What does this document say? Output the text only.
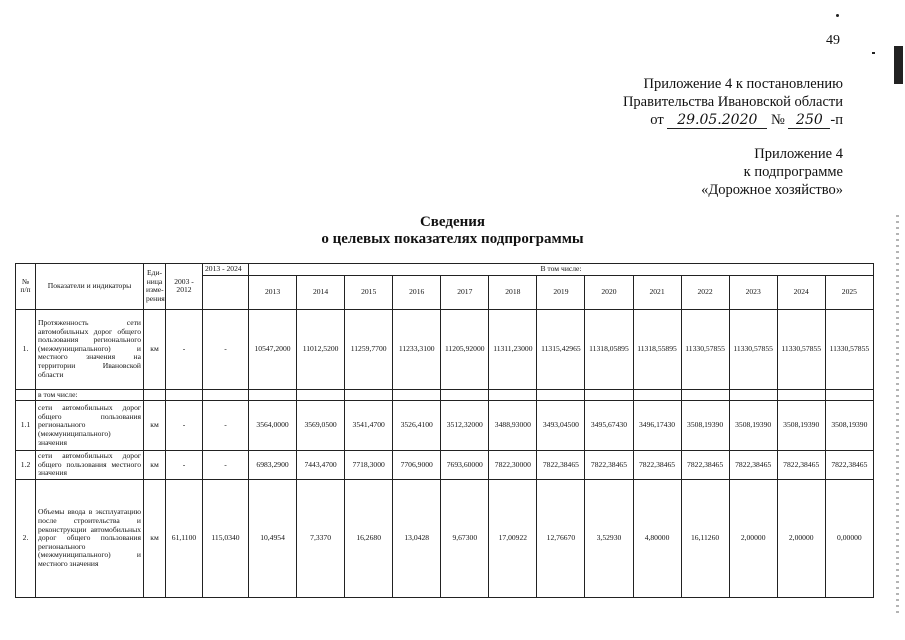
49
Приложение 4 к постановлению
Правительства Ивановской области
от 29.05.2020 № 250 -п
Приложение 4
к подпрограмме
«Дорожное хозяйство»
Сведения
о целевых показателях подпрограммы
№ п/п	Показатели и индикаторы	Еди-ница изме-рения	2003 - 2012	2013 - 2024	В том числе:												
					2013	2014	2015	2016	2017	2018	2019	2020	2021	2022	2023	2024	2025
1.	Протяженность сети автомобильных дорог общего пользования регионального (межмуниципального) и местного значения на территории Ивановской области	км	-	-	10547,2000	11012,5200	11259,7700	11233,3100	11205,92000	11311,23000	11315,42965	11318,05895	11318,55895	11330,57855	11330,57855	11330,57855	11330,57855
	в том числе:																
1.1	сети автомобильных дорог общего пользования регионального (межмуниципального) значения	км	-	-	3564,0000	3569,0500	3541,4700	3526,4100	3512,32000	3488,93000	3493,04500	3495,67430	3496,17430	3508,19390	3508,19390	3508,19390	3508,19390
1.2	сети автомобильных дорог общего пользования местного значения	км	-	-	6983,2900	7443,4700	7718,3000	7706,9000	7693,60000	7822,30000	7822,38465	7822,38465	7822,38465	7822,38465	7822,38465	7822,38465	7822,38465
2.	Объемы ввода в эксплуатацию после строительства и реконструкции автомобильных дорог общего пользования регионального (межмуниципального) и местного значения	км	61,1100	115,0340	10,4954	7,3370	16,2680	13,0428	9,67300	17,00922	12,76670	3,52930	4,80000	16,11260	2,00000	2,00000	0,00000
